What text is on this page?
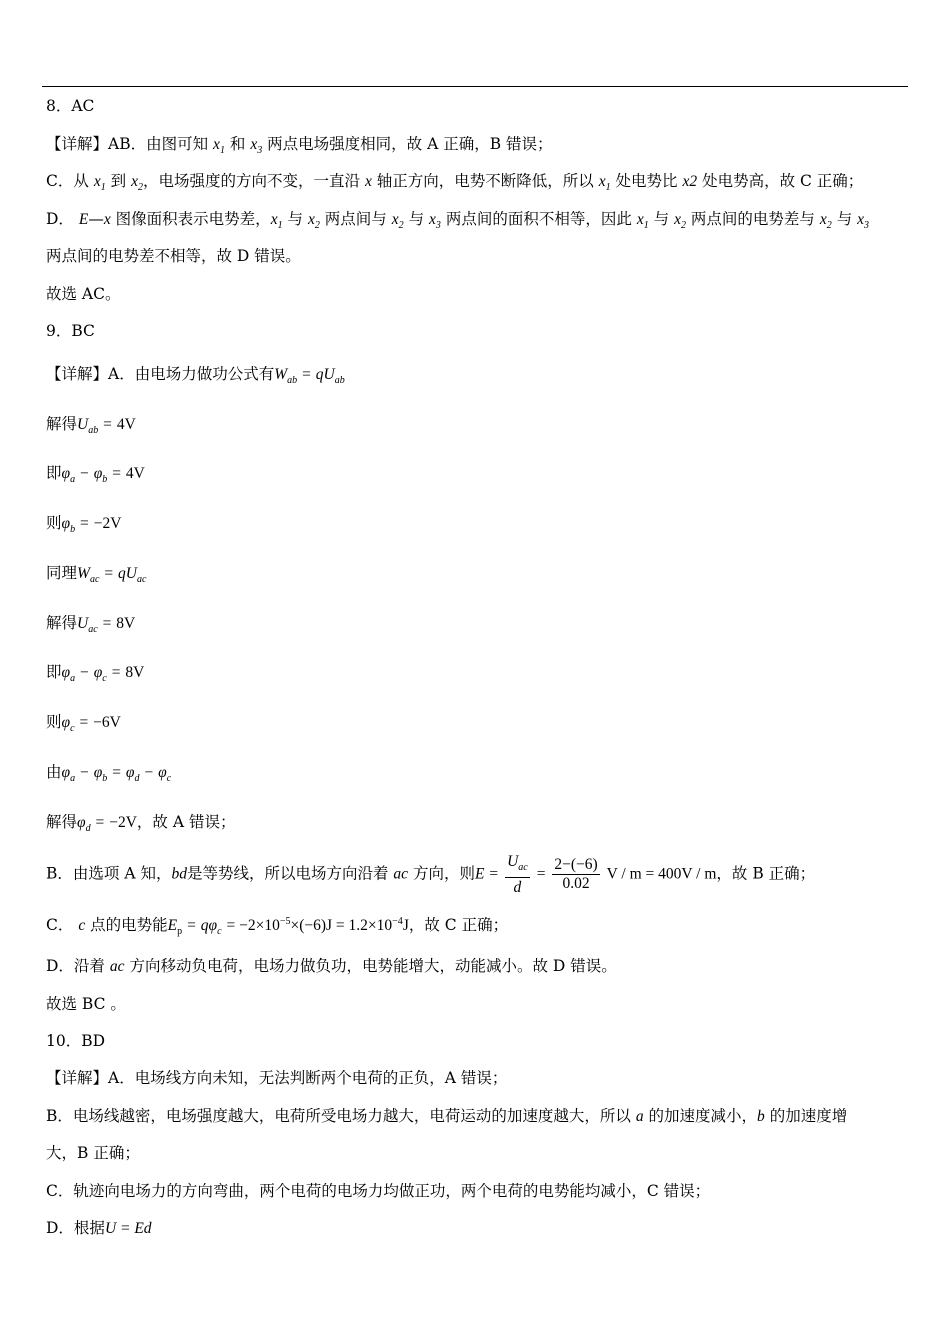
8．AC
【详解】AB．由图可知 $x_1$ 和 $x_3$ 两点电场强度相同，故 A 正确，B 错误；
C．从 $x_1$ 到 $x_2$，电场强度的方向不变，一直沿 x 轴正方向，电势不断降低，所以 $x_1$ 处电势比 x2 处电势高，故 C 正确；
D． E—x 图像面积表示电势差，$x_1$ 与 $x_2$ 两点间与 $x_2$ 与 $x_3$ 两点间的面积不相等，因此 $x_1$ 与 $x_2$ 两点间的电势差与 $x_2$ 与 $x_3$
两点间的电势差不相等，故 D 错误。
故选 AC。
9．BC
【详解】A．由电场力做功公式有$W_{ab} = qU_{ab}$
解得$U_{ab} = 4V$
即$\varphi_a - \varphi_b = 4V$
则$\varphi_b = -2V$
同理$W_{ac} = qU_{ac}$
解得$U_{ac} = 8V$
即$\varphi_a - \varphi_c = 8V$
则$\varphi_c = -6V$
由$\varphi_a - \varphi_b = \varphi_d - \varphi_c$
解得$\varphi_d = -2V$，故 A 错误；
B．由选项 A 知，bd是等势线，所以电场方向沿着 ac 方向，则$E = \frac{U_{ac}}{d} = \frac{2-(-6)}{0.02}$ V / m = 400V / m，故 B 正确；
C． c 点的电势能$E_p = q\varphi_c = -2\times 10^{-5}\times(-6)J = 1.2\times 10^{-4}J$，故 C 正确；
D．沿着 ac 方向移动负电荷，电场力做负功，电势能增大，动能减小。故 D 错误。
故选 BC 。
10．BD
【详解】A．电场线方向未知，无法判断两个电荷的正负，A 错误；
B．电场线越密，电场强度越大，电荷所受电场力越大，电荷运动的加速度越大，所以 a 的加速度减小，b 的加速度增
大，B 正确；
C．轨迹向电场力的方向弯曲，两个电荷的电场力均做正功，两个电荷的电势能均减小，C 错误；
D．根据U = Ed
